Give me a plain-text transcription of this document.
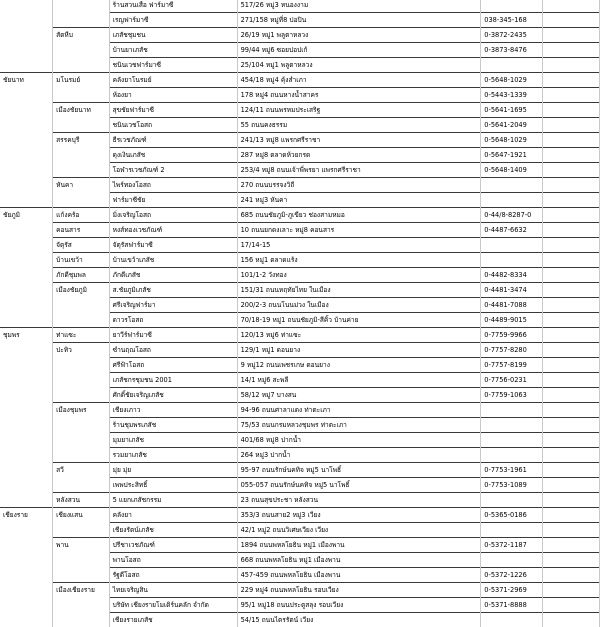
		ร้านสวนเสือ ฟาร์มาซี	517/26 หมู่3 หนองงาม		
		เรญฟาร์มาซี	271/158 หมู่ที่8 ปอปิน	038-345-168	
	สัตหีบ	เภสัชชุมชน	26/19 หมู่1 พลูตาหลวง	0-3872-2435	
		บ้านยาเภสัช	99/44 หมู่6 ซอยปอปเก้	0-3873-8476	
		ชนินเวชฟาร์มาซี	25/104 หมู่1 พลูตาหลวง		
ชัยนาท	มโนรมย์	คลังยาโนรมย์	454/18 หมู่4 คุ้งสำเภา	0-5648-1029	
		ห้องยา	178 หมู่4 ถนนหางน้ำสาคร	0-5443-1339	
	เมืองชัยนาท	สุขชัยฟาร์มาซี	124/11 ถนนพรหมประเสริฐ	0-5641-1695	
		ชนินเวชโอสถ	55 ถนนคงธรรม	0-5641-2049	
	สรรคบุรี	ธีรเวชภัณฑ์	241/13 หมู่8 แพรกศรีราชา	0-5648-1029	
		ดุงเงินเภสัช	287 หมู่8 ตลาดห้วยกรด	0-5647-1921	
		โอฬารเวชภัณฑ์ 2	253/4 หมู่8 ถนนเจ้าพี่พรยา แพรกศรีราชา	0-5648-1409	
	หันคา	ไพร์ทองโอสถ	270 ถนนบรรจงวิถี		
		ฟาร์มาซีชัย	241 หมู่3 หันคา		
ชัยภูมิ	แก้งคร้อ	มิ่งเจริญโอสถ	685 ถนนชัยภูมิ-ภูเขียว ช่องสามหมอ	0-44/8-8287-0	
	คอนสาร	หงส์ทองเวชภัณฑ์	10 ถนนยกดงเลาะ หมู่8 คอนสาร	0-4487-6632	
	จัตุรัส	จัตุรัสฟาร์มาซี	17/14-15		
	บ้านเขว้า	บ้านเขว้าเภสัช	156 หมู่1 ตลาดแร้ง		
	ภักดีชุมพล	ภักดีเภสัช	101/1-2 วังทอง	0-4482-8334	
	เมืองชัยภูมิ	ส.ชัยภูมิเภสัช	151/31 ถนนหฤทัยไทย ในเมือง	0-4481-3474	
		ศรีเจริญฟาร์มา	200/2-3 ถนนโนนม่วง ในเมือง	0-4481-7088	
		ดาวรโอสถ	70/18-19 หมู่1 ถนนชัยภูมิ-สีคิ้ว บ้านค่าย	0-4489-9015	
ชุมพร	ท่าแซะ	ยาวีร์ฟาร์มาซี	120/13 หมู่6 ท่าแซะ	0-7759-9966	
	ปะทิว	ซำนฤณโอสถ	129/1 หมู่1 ดอนยาง	0-7757-8280	
		ศรีฟ้าโอสถ	9 หมู่12 ถนนเพชรเกษ ดอนยาง	0-7757-8199	
		เภสัชกรชุมชน 2001	14/1 หมู่6 สะพลี	0-7756-0231	
		ศักดิ์ชัยเจริญเภสัช	58/12 หมู่7 บางสน	0-7759-1063	
	เมืองชุมพร	เชียงเภาว	94-96 ถนนศาลาแดง ท่าตะเภา		
		ร้านชุมพรเภสัช	75/53 ถนนกรมหลวงชุมพร ท่าตะเภา		
		มุมยาเภสัช	401/68 หมู่8 ปากน้ำ		
		รวมยาเภสัช	264 หมู่3 ปากน้ำ		
	สวี	มุ่ย มุ่ย	95-97 ถนนรักษ์นคทิจ หมู่5 นาโพธิ์	0-7753-1961	
		เพพประสิทธิ์	055-057 ถนนรักษ์นคทิจ หมู่5 นาโพธิ์	0-7753-1089	
	หลังสวน	5 แยกเภสัชกรรม	23 ถนนสุขประชา หลังสวน		
เชียงราย	เชียงแสน	คลังยา	353/3 ถนนสาย2 หมู่3 เวียง	0-5365-0186	
		เชียงรัตน์เภสัช	42/1 หมู่2 ถนนวิเศษเวียง เวียง		
	พาน	ปรีชาเวชภัณฑ์	1894 ถนนพหลโยธิน หมู่1 เมืองพาน	0-5372-1187	
		พานโอสถ	668 ถนนพหลโยธิน หมู่1 เมืองพาน		
		รัฐดีโอสถ	457-459 ถนนพหลโยธิน เมืองพาน	0-5372-1226	
	เมืองเชียงราย	ไทยเจริญสิน	229 หมู่4 ถนนพหลโยธิน รอบเวียง	0-5371-2969	
		บริษัท เชียงรายโมเดิร์นคลัก จำกัด	95/1 หมู่18 ถนนประตูสลุง รอบเวียง	0-5371-8888	
		เชียงรายเภสัช	54/15 ถนนไตรรัตน์ เวียง		
